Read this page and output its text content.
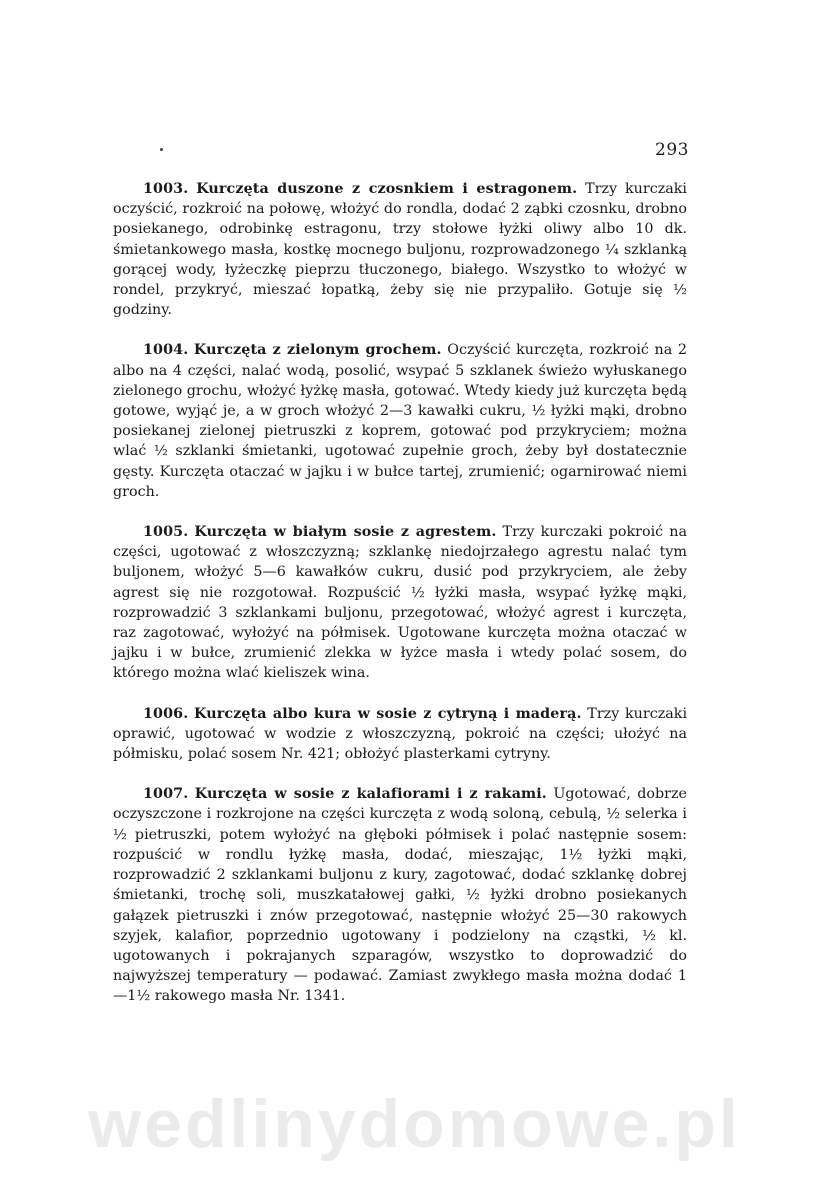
293

1003. Kurczęta duszone z czosnkiem i estragonem. Trzy kurczaki oczyścić, rozkroić na połowę, włożyć do rondla, dodać 2 ząbki czosnku, drobno posiekanego, odrobinkę estragonu, trzy stołowe łyżki oliwy albo 10 dk. śmietankowego masła, kostkę mocnego buljonu, rozprowadzonego ¼ szklanką gorącej wody, łyżeczkę pieprzu tłuczonego, białego. Wszystko to włożyć w rondel, przykryć, mieszać łopatką, żeby się nie przypaliło. Gotuje się ½ godziny.

1004. Kurczęta z zielonym grochem. Oczyścić kurczęta, rozkroić na 2 albo na 4 części, nalać wodą, posolić, wsypać 5 szklanek świeżo wyłuskanego zielonego grochu, włożyć łyżkę masła, gotować. Wtedy kiedy już kurczęta będą gotowe, wyjąć je, a w groch włożyć 2—3 kawałki cukru, ½ łyżki mąki, drobno posiekanej zielonej pietruszki z koprem, gotować pod przykryciem; można wlać ½ szklanki śmietanki, ugotować zupełnie groch, żeby był dostatecznie gęsty. Kurczęta otaczać w jajku i w bułce tartej, zrumienić; ogarnirować niemi groch.

1005. Kurczęta w białym sosie z agrestem. Trzy kurczaki pokroić na części, ugotować z włoszczyzną; szklankę niedojrzałego agrestu nalać tym buljonem, włożyć 5—6 kawałków cukru, dusić pod przykryciem, ale żeby agrest się nie rozgotował. Rozpuścić ½ łyżki masła, wsypać łyżkę mąki, rozprowadzić 3 szklankami buljonu, przegotować, włożyć agrest i kurczęta, raz zagotować, wyłożyć na półmisek. Ugotowane kurczęta można otaczać w jajku i w bułce, zrumienić zlekka w łyżce masła i wtedy polać sosem, do którego można wlać kieliszek wina.

1006. Kurczęta albo kura w sosie z cytryną i maderą. Trzy kurczaki oprawić, ugotować w wodzie z włoszczyzną, pokroić na części; ułożyć na półmisku, polać sosem Nr. 421; obłożyć plasterkami cytryny.

1007. Kurczęta w sosie z kalafiorami i z rakami. Ugotować, dobrze oczyszczone i rozkrojone na części kurczęta z wodą soloną, cebulą, ½ selerka i ½ pietruszki, potem wyłożyć na głęboki półmisek i polać następnie sosem: rozpuścić w rondlu łyżkę masła, dodać, mieszając, 1½ łyżki mąki, rozprowadzić 2 szklankami buljonu z kury, zagotować, dodać szklankę dobrej śmietanki, trochę soli, muszkatałowej gałki, ½ łyżki drobno posiekanych gałązek pietruszki i znów przegotować, następnie włożyć 25—30 rakowych szyjek, kalafior, poprzednio ugotowany i podzielony na cząstki, ½ kl. ugotowanych i pokrajanych szparagów, wszystko to doprowadzić do najwyższej temperatury — podawać. Zamiast zwykłego masła można dodać 1—1½ rakowego masła Nr. 1341.

wedlinydomowe.pl
